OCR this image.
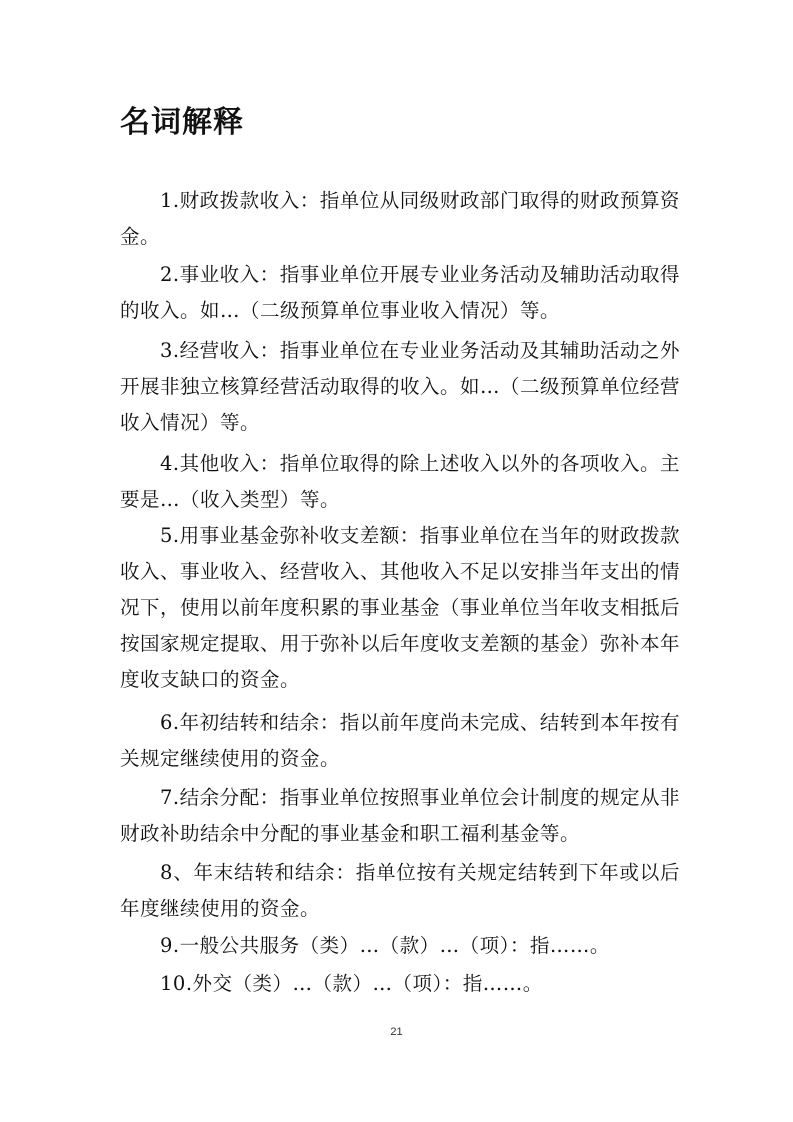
名词解释

1.财政拨款收入：指单位从同级财政部门取得的财政预算资金。

2.事业收入：指事业单位开展专业业务活动及辅助活动取得的收入。如…（二级预算单位事业收入情况）等。

3.经营收入：指事业单位在专业业务活动及其辅助活动之外开展非独立核算经营活动取得的收入。如…（二级预算单位经营收入情况）等。

4.其他收入：指单位取得的除上述收入以外的各项收入。主要是…（收入类型）等。

5.用事业基金弥补收支差额：指事业单位在当年的财政拨款收入、事业收入、经营收入、其他收入不足以安排当年支出的情况下，使用以前年度积累的事业基金（事业单位当年收支相抵后按国家规定提取、用于弥补以后年度收支差额的基金）弥补本年度收支缺口的资金。

6.年初结转和结余：指以前年度尚未完成、结转到本年按有关规定继续使用的资金。

7.结余分配：指事业单位按照事业单位会计制度的规定从非财政补助结余中分配的事业基金和职工福利基金等。

8、年末结转和结余：指单位按有关规定结转到下年或以后年度继续使用的资金。

9.一般公共服务（类）…（款）…（项）：指……。

10.外交（类）…（款）…（项）：指……。

21
